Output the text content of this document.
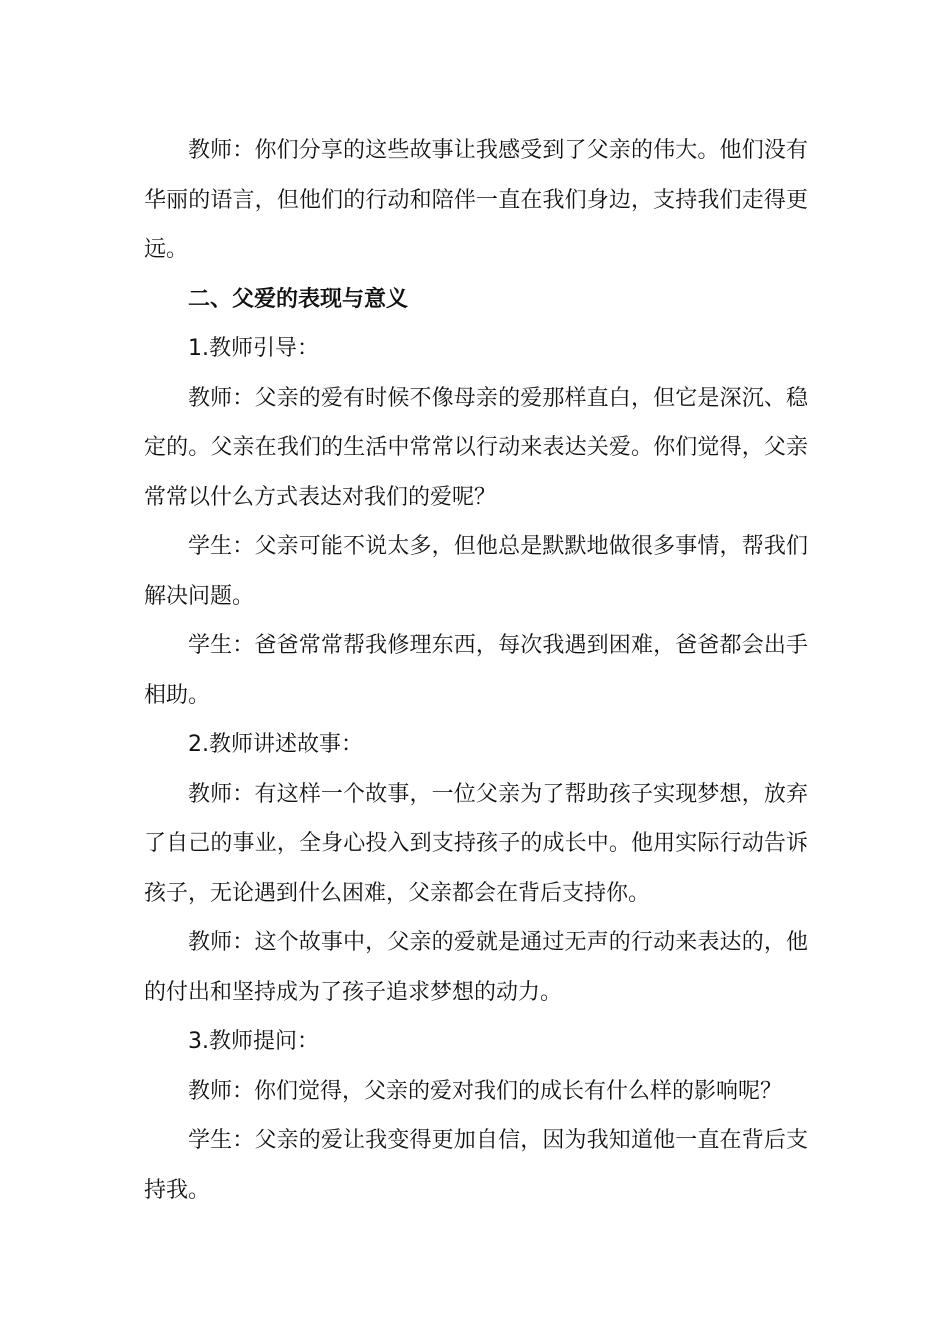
教师：你们分享的这些故事让我感受到了父亲的伟大。他们没有华丽的语言，但他们的行动和陪伴一直在我们身边，支持我们走得更远。

二、父爱的表现与意义

1.教师引导：

教师：父亲的爱有时候不像母亲的爱那样直白，但它是深沉、稳定的。父亲在我们的生活中常常以行动来表达关爱。你们觉得，父亲常常以什么方式表达对我们的爱呢？

学生：父亲可能不说太多，但他总是默默地做很多事情，帮我们解决问题。

学生：爸爸常常帮我修理东西，每次我遇到困难，爸爸都会出手相助。

2.教师讲述故事：

教师：有这样一个故事，一位父亲为了帮助孩子实现梦想，放弃了自己的事业，全身心投入到支持孩子的成长中。他用实际行动告诉孩子，无论遇到什么困难，父亲都会在背后支持你。

教师：这个故事中，父亲的爱就是通过无声的行动来表达的，他的付出和坚持成为了孩子追求梦想的动力。

3.教师提问：

教师：你们觉得，父亲的爱对我们的成长有什么样的影响呢？

学生：父亲的爱让我变得更加自信，因为我知道他一直在背后支持我。
